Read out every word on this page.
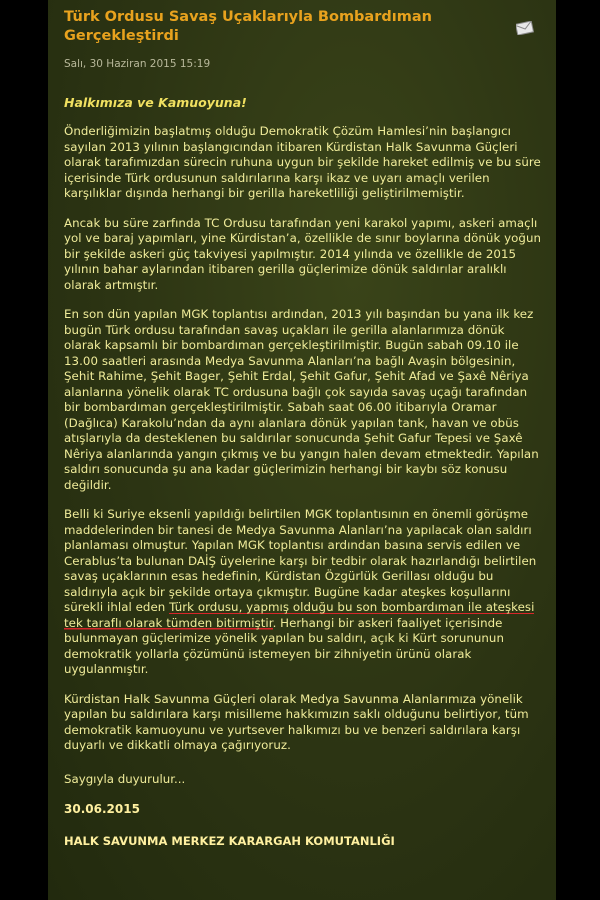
Türk Ordusu Savaş Uçaklarıyla Bombardıman Gerçekleştirdi
Salı, 30 Haziran 2015 15:19
Halkımıza ve Kamuoyuna!

Önderliğimizin başlatmış olduğu Demokratik Çözüm Hamlesi’nin başlangıcı sayılan 2013 yılının başlangıcından itibaren Kürdistan Halk Savunma Güçleri olarak tarafımızdan sürecin ruhuna uygun bir şekilde hareket edilmiş ve bu süre içerisinde Türk ordusunun saldırılarına karşı ikaz ve uyarı amaçlı verilen karşılıklar dışında herhangi bir gerilla hareketliliği geliştirilmemiştir.

Ancak bu süre zarfında TC Ordusu tarafından yeni karakol yapımı, askeri amaçlı yol ve baraj yapımları, yine Kürdistan’a, özellikle de sınır boylarına dönük yoğun bir şekilde askeri güç takviyesi yapılmıştır. 2014 yılında ve özellikle de 2015 yılının bahar aylarından itibaren gerilla güçlerimize dönük saldırılar aralıklı olarak artmıştır.

En son dün yapılan MGK toplantısı ardından, 2013 yılı başından bu yana ilk kez bugün Türk ordusu tarafından savaş uçakları ile gerilla alanlarımıza dönük olarak kapsamlı bir bombardıman gerçekleştirilmiştir. Bugün sabah 09.10 ile 13.00 saatleri arasında Medya Savunma Alanları’na bağlı Avaşin bölgesinin, Şehit Rahime, Şehit Bager, Şehit Erdal, Şehit Gafur, Şehit Afad ve Şaxê Nêriya alanlarına yönelik olarak TC ordusuna bağlı çok sayıda savaş uçağı tarafından bir bombardıman gerçekleştirilmiştir. Sabah saat 06.00 itibarıyla Oramar (Dağlıca) Karakolu’ndan da aynı alanlara dönük yapılan tank, havan ve obüs atışlarıyla da desteklenen bu saldırılar sonucunda Şehit Gafur Tepesi ve Şaxê Nêriya alanlarında yangın çıkmış ve bu yangın halen devam etmektedir. Yapılan saldırı sonucunda şu ana kadar güçlerimizin herhangi bir kaybı söz konusu değildir.

Belli ki Suriye eksenli yapıldığı belirtilen MGK toplantısının en önemli görüşme maddelerinden bir tanesi de Medya Savunma Alanları’na yapılacak olan saldırı planlaması olmuştur. Yapılan MGK toplantısı ardından basına servis edilen ve Cerablus’ta bulunan DAİŞ üyelerine karşı bir tedbir olarak hazırlandığı belirtilen savaş uçaklarının esas hedefinin, Kürdistan Özgürlük Gerillası olduğu bu saldırıyla açık bir şekilde ortaya çıkmıştır. Bugüne kadar ateşkes koşullarını sürekli ihlal eden Türk ordusu, yapmış olduğu bu son bombardıman ile ateşkesi tek taraflı olarak tümden bitirmiştir. Herhangi bir askeri faaliyet içerisinde bulunmayan güçlerimize yönelik yapılan bu saldırı, açık ki Kürt sorununun demokratik yollarla çözümünü istemeyen bir zihniyetin ürünü olarak uygulanmıştır.

Kürdistan Halk Savunma Güçleri olarak Medya Savunma Alanlarımıza yönelik yapılan bu saldırılara karşı misilleme hakkımızın saklı olduğunu belirtiyor, tüm demokratik kamuoyunu ve yurtsever halkımızı bu ve benzeri saldırılara karşı duyarlı ve dikkatli olmaya çağırıyoruz.

Saygıyla duyurulur...
30.06.2015
HALK SAVUNMA MERKEZ KARARGAH KOMUTANLIĞI
